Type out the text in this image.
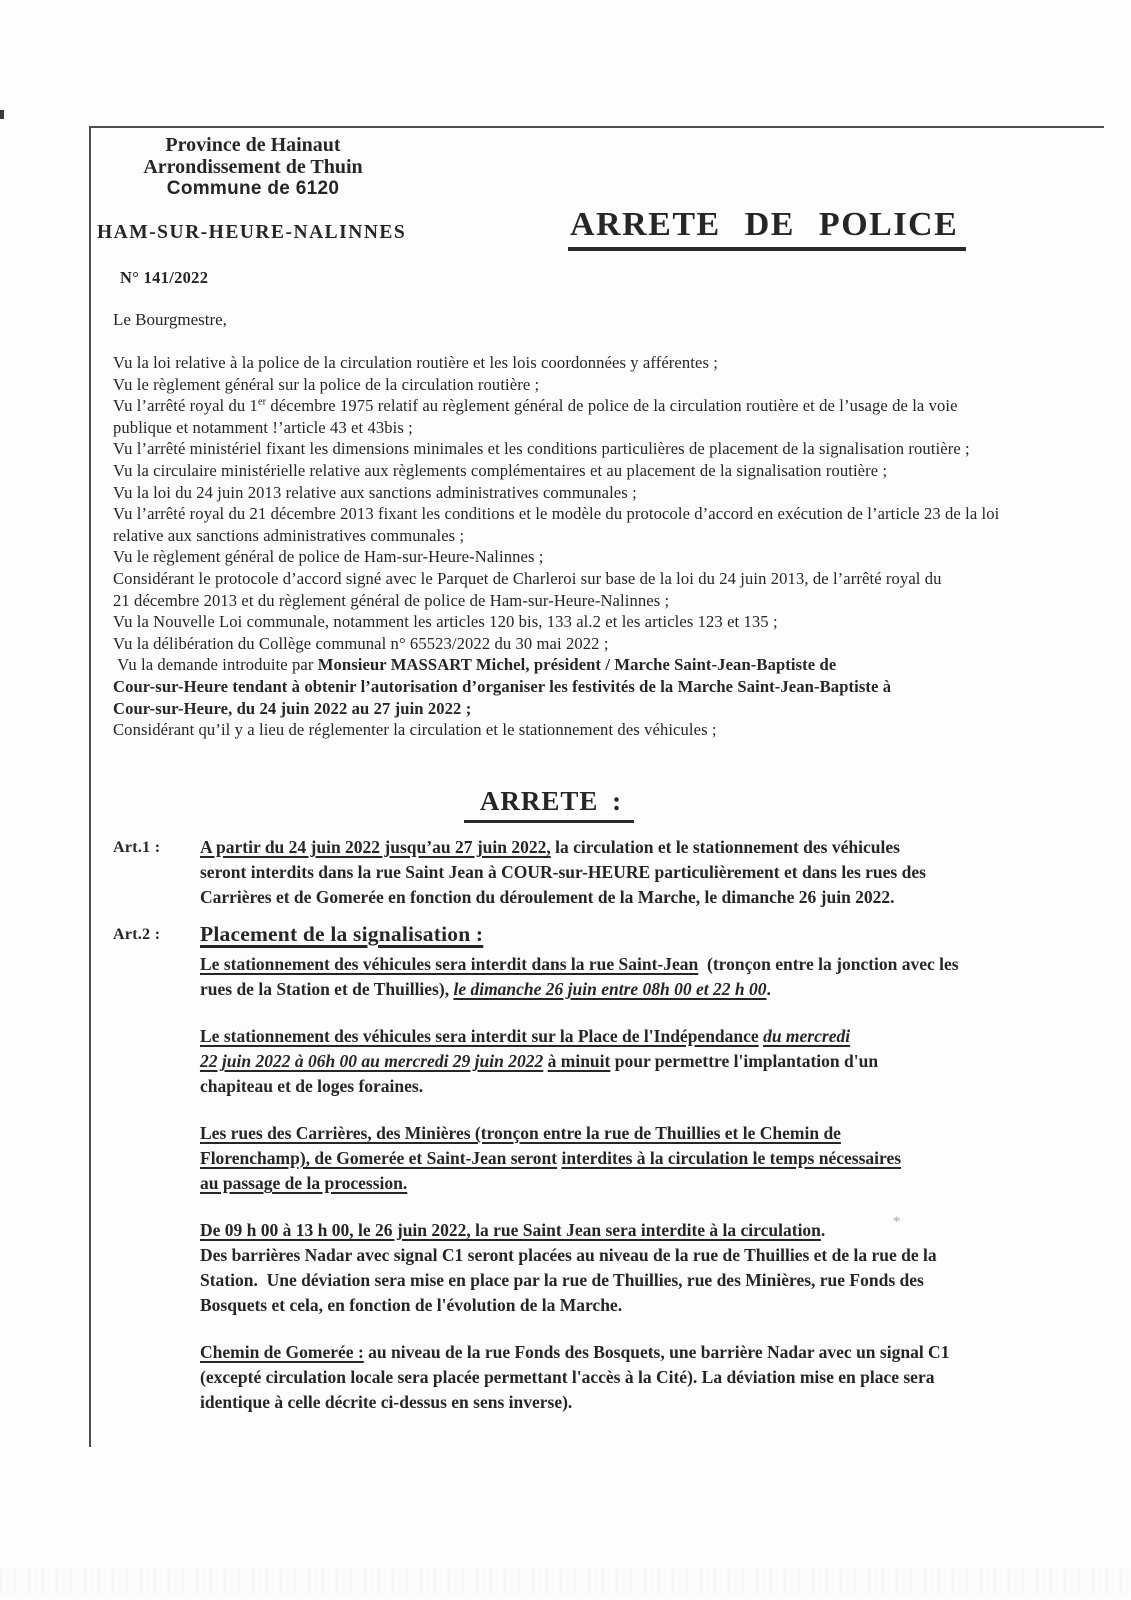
Province de Hainaut
Arrondissement de Thuin
Commune de 6120
HAM-SUR-HEURE-NALINNES	ARRETE DE POLICE
N° 141/2022
Le Bourgmestre,

Vu la loi relative à la police de la circulation routière et les lois coordonnées y afférentes ;

Vu le règlement général sur la police de la circulation routière ;

Vu l’arrêté royal du 1er décembre 1975 relatif au règlement général de police de la circulation routière et de l’usage de la voie
publique et notamment !’article 43 et 43bis ;

Vu l’arrêté ministériel fixant les dimensions minimales et les conditions particulières de placement de la signalisation routière ;

Vu la circulaire ministérielle relative aux règlements complémentaires et au placement de la signalisation routière ;

Vu la loi du 24 juin 2013 relative aux sanctions administratives communales ;

Vu l’arrêté royal du 21 décembre 2013 fixant les conditions et le modèle du protocole d’accord en exécution de l’article 23 de la loi
relative aux sanctions administratives communales ;

Vu le règlement général de police de Ham-sur-Heure-Nalinnes ;

Considérant le protocole d’accord signé avec le Parquet de Charleroi sur base de la loi du 24 juin 2013, de l’arrêté royal du
21 décembre 2013 et du règlement général de police de Ham-sur-Heure-Nalinnes ;

Vu la Nouvelle Loi communale, notamment les articles 120 bis, 133 al.2 et les articles 123 et 135 ;

Vu la délibération du Collège communal n° 65523/2022 du 30 mai 2022 ;

Vu la demande introduite par Monsieur MASSART Michel, président / Marche Saint-Jean-Baptiste de
Cour-sur-Heure tendant à obtenir l’autorisation d’organiser les festivités de la Marche Saint-Jean-Baptiste à
Cour-sur-Heure, du 24 juin 2022 au 27 juin 2022 ;

Considérant qu’il y a lieu de réglementer la circulation et le stationnement des véhicules ;

ARRETE :
Art.1 :	A partir du 24 juin 2022 jusqu’au 27 juin 2022, la circulation et le stationnement des véhicules
seront interdits dans la rue Saint Jean à COUR-sur-HEURE particulièrement et dans les rues des
Carrières et de Gomerée en fonction du déroulement de la Marche, le dimanche 26 juin 2022.

Art.2 :	Placement de la signalisation :

Le stationnement des véhicules sera interdit dans la rue Saint-Jean  (tronçon entre la jonction avec les
rues de la Station et de Thuillies), le dimanche 26 juin entre 08h 00 et 22 h 00.

Le stationnement des véhicules sera interdit sur la Place de l'Indépendance du mercredi
22 juin 2022 à 06h 00 au mercredi 29 juin 2022 à minuit pour permettre l'implantation d'un
chapiteau et de loges foraines.

Les rues des Carrières, des Minières (tronçon entre la rue de Thuillies et le Chemin de
Florenchamp), de Gomerée et Saint-Jean seront interdites à la circulation le temps nécessaires
au passage de la procession.

De 09 h 00 à 13 h 00, le 26 juin 2022, la rue Saint Jean sera interdite à la circulation.
Des barrières Nadar avec signal C1 seront placées au niveau de la rue de Thuillies et de la rue de la
Station.  Une déviation sera mise en place par la rue de Thuillies, rue des Minières, rue Fonds des
Bosquets et cela, en fonction de l'évolution de la Marche.

Chemin de Gomerée : au niveau de la rue Fonds des Bosquets, une barrière Nadar avec un signal C1
(excepté circulation locale sera placée permettant l'accès à la Cité). La déviation mise en place sera
identique à celle décrite ci-dessus en sens inverse).

*
